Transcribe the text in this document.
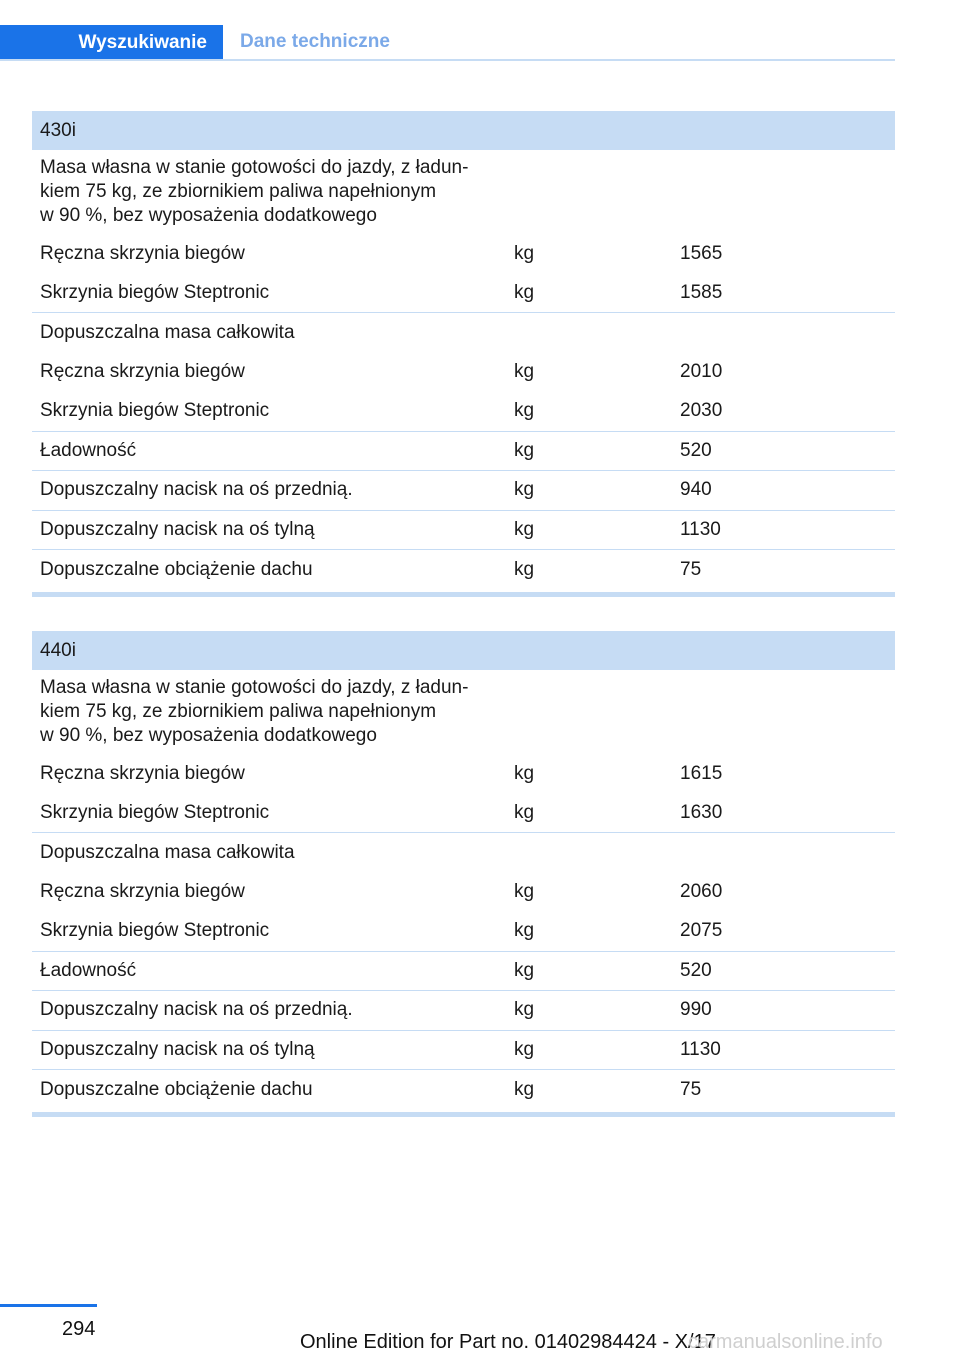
Wyszukiwanie	Dane techniczne
430i
Masa własna w stanie gotowości do jazdy, z ładun-
kiem 75 kg, ze zbiornikiem paliwa napełnionym
w 90 %, bez wyposażenia dodatkowego
Ręczna skrzynia biegów	kg	1565
Skrzynia biegów Steptronic	kg	1585
Dopuszczalna masa całkowita
Ręczna skrzynia biegów	kg	2010
Skrzynia biegów Steptronic	kg	2030
Ładowność	kg	520
Dopuszczalny nacisk na oś przednią.	kg	940
Dopuszczalny nacisk na oś tylną	kg	1130
Dopuszczalne obciążenie dachu	kg	75
440i
Masa własna w stanie gotowości do jazdy, z ładun-
kiem 75 kg, ze zbiornikiem paliwa napełnionym
w 90 %, bez wyposażenia dodatkowego
Ręczna skrzynia biegów	kg	1615
Skrzynia biegów Steptronic	kg	1630
Dopuszczalna masa całkowita
Ręczna skrzynia biegów	kg	2060
Skrzynia biegów Steptronic	kg	2075
Ładowność	kg	520
Dopuszczalny nacisk na oś przednią.	kg	990
Dopuszczalny nacisk na oś tylną	kg	1130
Dopuszczalne obciążenie dachu	kg	75
294
Online Edition for Part no. 01402984424 - X/17
carmanualsonline.info
